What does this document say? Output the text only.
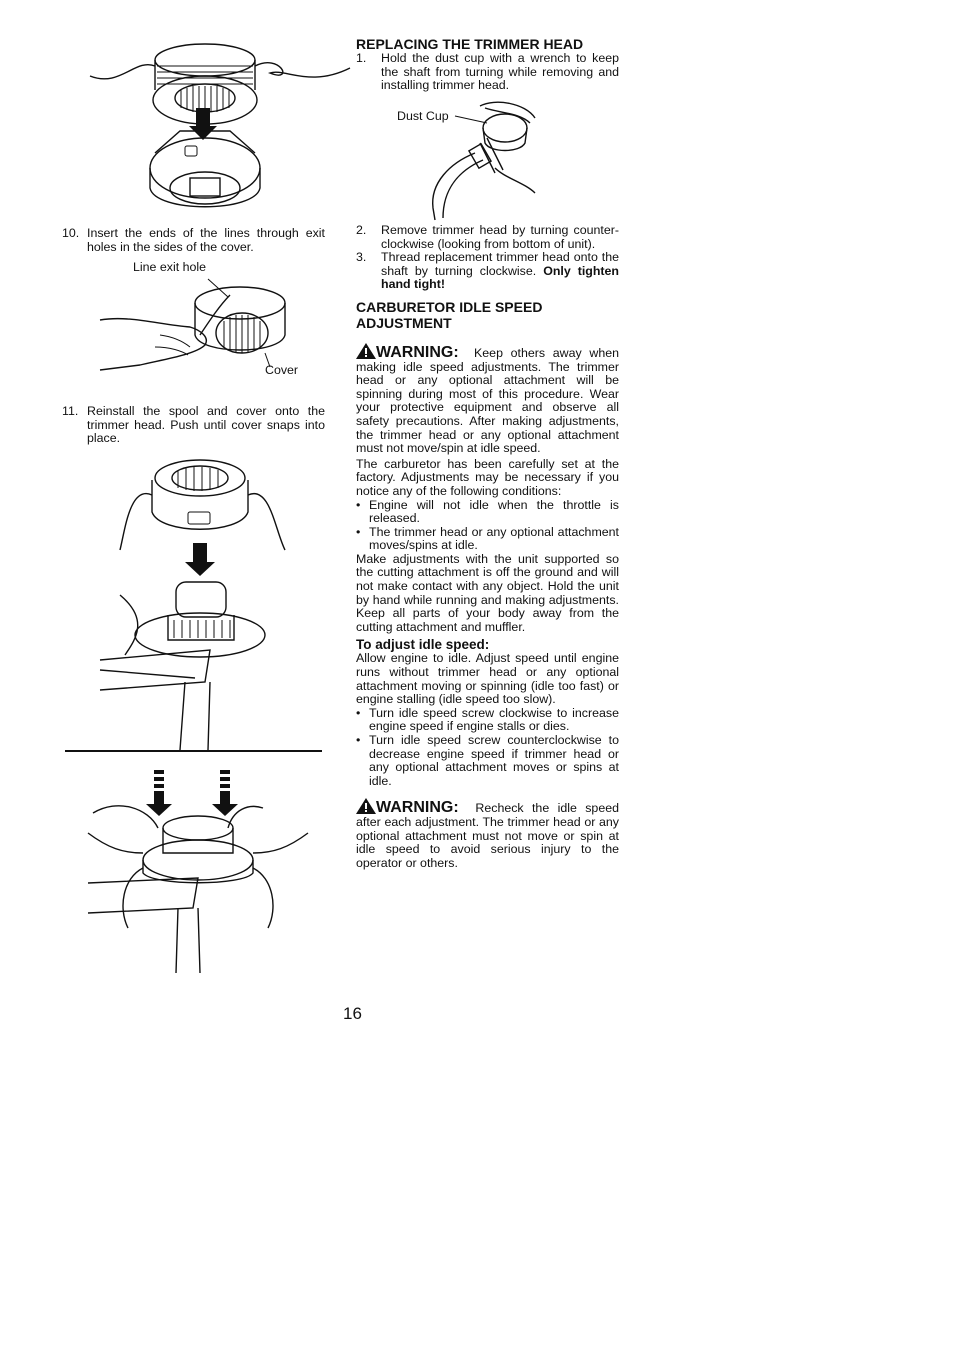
10. Insert the ends of the lines through exit holes in the sides of the cover.
Line exit hole
Cover
11. Reinstall the spool and cover onto the trimmer head. Push until cover snaps into place.
REPLACING THE TRIMMER HEAD
1. Hold the dust cup with a wrench to keep the shaft from turning while removing and installing trimmer head.
Dust Cup
2. Remove trimmer head by turning counter-clockwise (looking from bottom of unit).
3. Thread replacement trimmer head onto the shaft by turning clockwise. Only tighten hand tight!
CARBURETOR IDLE SPEED ADJUSTMENT
WARNING: Keep others away when making idle speed adjustments. The trimmer head or any optional attachment will be spinning during most of this procedure. Wear your protective equipment and observe all safety precautions. After making adjustments, the trimmer head or any optional attachment must not move/spin at idle speed.
The carburetor has been carefully set at the factory. Adjustments may be necessary if you notice any of the following conditions:
• Engine will not idle when the throttle is released.
• The trimmer head or any optional attachment moves/spins at idle.
Make adjustments with the unit supported so the cutting attachment is off the ground and will not make contact with any object. Hold the unit by hand while running and making adjustments. Keep all parts of your body away from the cutting attachment and muffler.
To adjust idle speed:
Allow engine to idle. Adjust speed until engine runs without trimmer head or any optional attachment moving or spinning (idle too fast) or engine stalling (idle speed too slow).
• Turn idle speed screw clockwise to increase engine speed if engine stalls or dies.
• Turn idle speed screw counterclockwise to decrease engine speed if trimmer head or any optional attachment moves or spins at idle.
WARNING: Recheck the idle speed after each adjustment. The trimmer head or any optional attachment must not move or spin at idle speed to avoid serious injury to the operator or others.
16
